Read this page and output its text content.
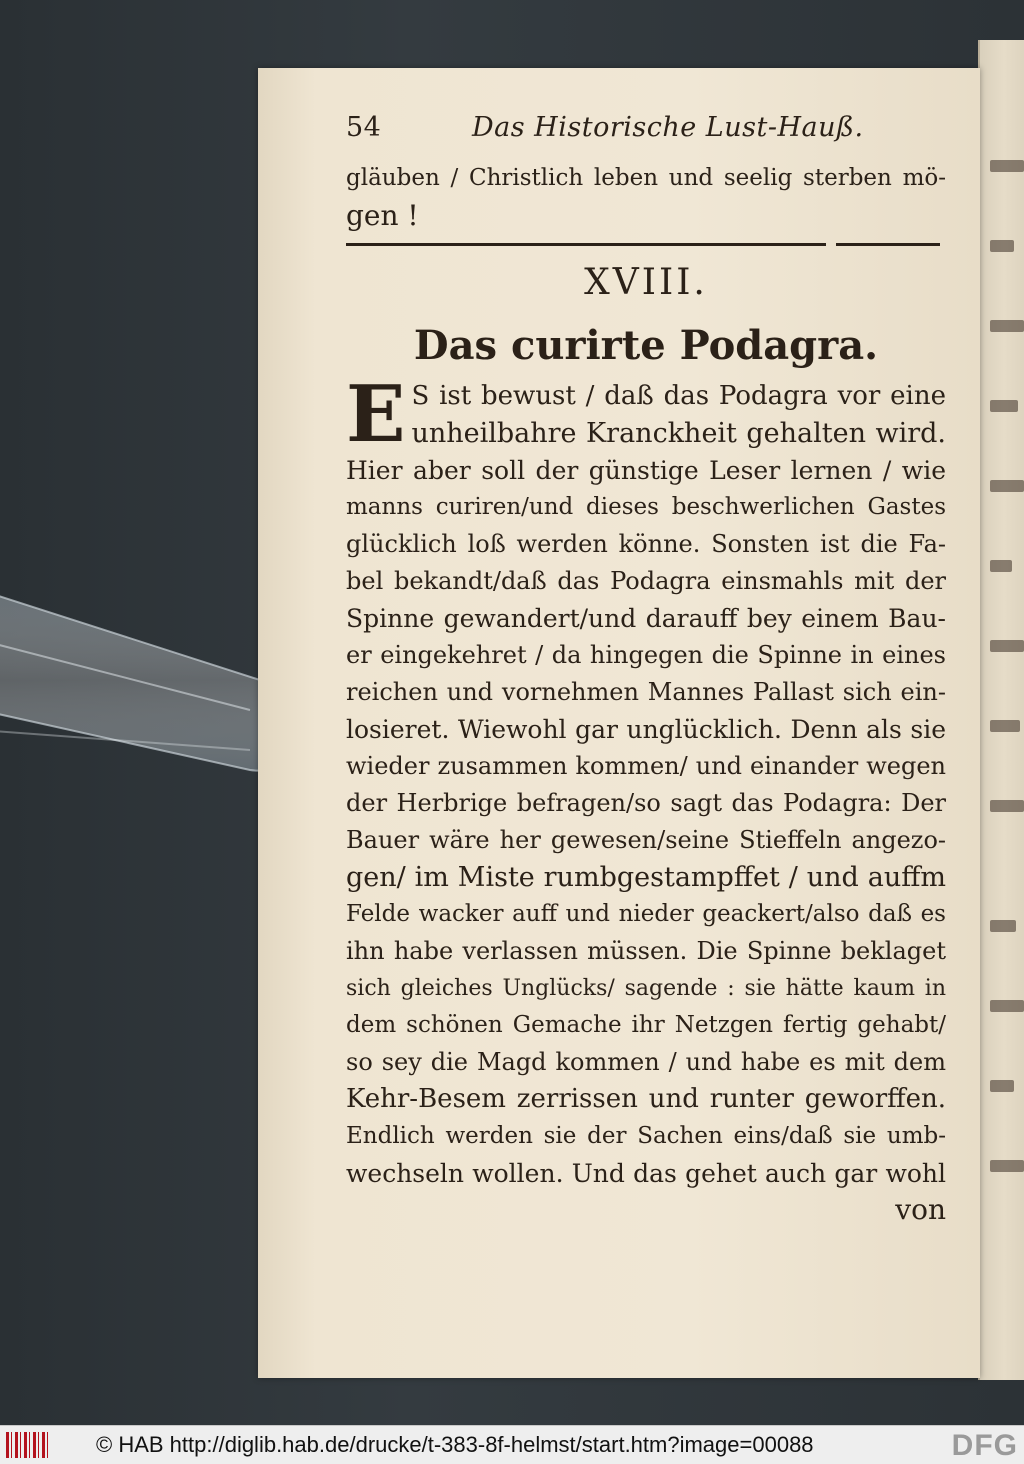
54	Das Historische Lust-Hauß.
gläuben / Christlich leben und seelig sterben mö-
gen !
XVIII.
Das curirte Podagra.
E S ist bewust / daß das Podagra vor eine
unheilbahre Kranckheit gehalten wird.
Hier aber soll der günstige Leser lernen / wie
manns curiren/und dieses beschwerlichen Gastes
glücklich loß werden könne. Sonsten ist die Fa-
bel bekandt/daß das Podagra einsmahls mit der
Spinne gewandert/und darauff bey einem Bau-
er eingekehret / da hingegen die Spinne in eines
reichen und vornehmen Mannes Pallast sich ein-
losieret. Wiewohl gar unglücklich. Denn als sie
wieder zusammen kommen/ und einander wegen
der Herbrige befragen/so sagt das Podagra: Der
Bauer wäre her gewesen/seine Stieffeln angezo-
gen/ im Miste rumbgestampffet / und auffm
Felde wacker auff und nieder geackert/also daß es
ihn habe verlassen müssen. Die Spinne beklaget
sich gleiches Unglücks/ sagende : sie hätte kaum in
dem schönen Gemache ihr Netzgen fertig gehabt/
so sey die Magd kommen / und habe es mit dem
Kehr-Besem zerrissen und runter geworffen.
Endlich werden sie der Sachen eins/daß sie umb-
wechseln wollen. Und das gehet auch gar wohl
von
© HAB http://diglib.hab.de/drucke/t-383-8f-helmst/start.htm?image=00088	DFG
